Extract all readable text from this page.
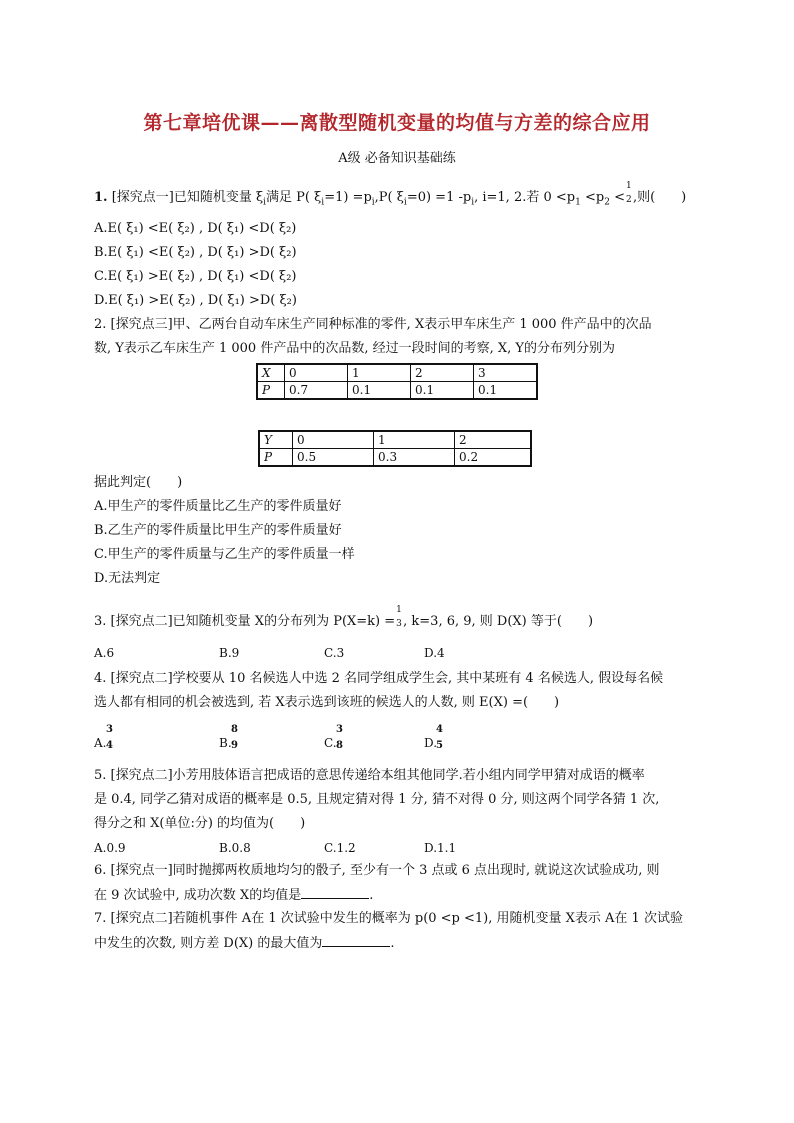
第七章培优课——离散型随机变量的均值与方差的综合应用
A级 必备知识基础练
1. [探究点一]已知随机变量 $\xi_i$满足 P( $\xi_i=1) =p_i,P$( $\xi_i=0) =1$ $-p_i$, i=1, 2.若 $0 <p_1 <p_2$ <
1
2 ,则(　　)
A.E( ξ₁) <E( ξ₂) , D( ξ₁) <D( ξ₂)
B.E( ξ₁) <E( ξ₂) , D( ξ₁) >D( ξ₂)
C.E( ξ₁) >E( ξ₂) , D( ξ₁) <D( ξ₂)
D.E( ξ₁) >E( ξ₂) , D( ξ₁) >D( ξ₂)
2. [探究点三]甲、乙两台自动车床生产同种标准的零件, X表示甲车床生产 1 000 件产品中的次品
数, Y表示乙车床生产 1 000 件产品中的次品数, 经过一段时间的考察, X, Y的分布列分别为
X	0	1	2	3
P	0.7	0.1	0.1	0.1
Y	0	1	2
P	0.5	0.3	0.2
据此判定(　　)
A.甲生产的零件质量比乙生产的零件质量好
B.乙生产的零件质量比甲生产的零件质量好
C.甲生产的零件质量与乙生产的零件质量一样
D.无法判定
3. [探究点二]已知随机变量 X的分布列为 P(X=k) =
1
3 , k=3, 6, 9, 则 D(X) 等于(　　)
A.6	B.9	C.3	D.4
4. [探究点二]学校要从 10 名候选人中选 2 名同学组成学生会, 其中某班有 4 名候选人, 假设每名候
选人都有相同的机会被选到, 若 X表示选到该班的候选人的人数, 则 E(X) =(　　)
A.
3
4	B.
8
9	C.
3
8	D.
4
5
5. [探究点二]小芳用肢体语言把成语的意思传递给本组其他同学.若小组内同学甲猜对成语的概率
是 0.4, 同学乙猜对成语的概率是 0.5, 且规定猜对得 1 分, 猜不对得 0 分, 则这两个同学各猜 1 次,
得分之和 X(单位:分) 的均值为(　　)
A.0.9	B.0.8	C.1.2	D.1.1
6. [探究点一]同时抛掷两枚质地均匀的骰子, 至少有一个 3 点或 6 点出现时, 就说这次试验成功, 则
在 9 次试验中, 成功次数 X的均值是	.
7. [探究点二]若随机事件 A在 1 次试验中发生的概率为 p(0 <p <1), 用随机变量 X表示 A在 1 次试验
中发生的次数, 则方差 D(X) 的最大值为	.
